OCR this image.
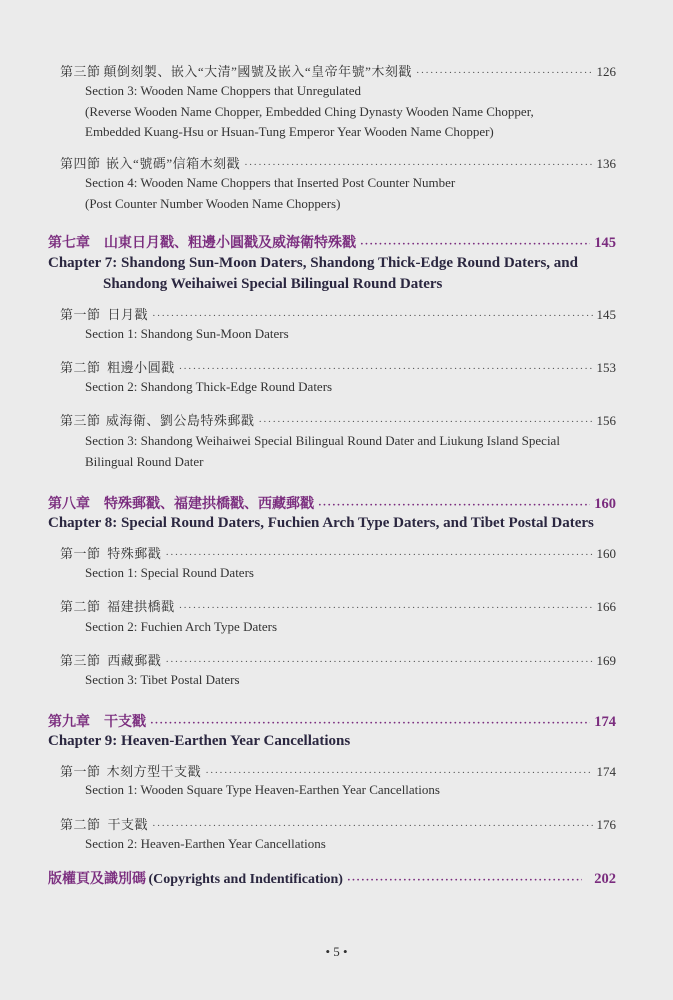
第三節 顛倒刻製、嵌入“大清”國號及嵌入“皇帝年號”木刻戳 ·····	126
Section 3: Wooden Name Choppers that Unregulated
(Reverse Wooden Name Chopper, Embedded Ching Dynasty Wooden Name Chopper,
Embedded Kuang-Hsu or Hsuan-Tung Emperor Year Wooden Name Chopper)
第四節 嵌入“號碼”信箱木刻戳 ·····	136
Section 4: Wooden Name Choppers that Inserted Post Counter Number
(Post Counter Number Wooden Name Choppers)
第七章　山東日月戳、粗邊小圓戳及威海衛特殊戳 ·····	145
Chapter 7: Shandong Sun-Moon Daters, Shandong Thick-Edge Round Daters, and
Shandong Weihaiwei Special Bilingual Round Daters
第一節 日月戳 ·····	145
Section 1: Shandong Sun-Moon Daters
第二節 粗邊小圓戳 ·····	153
Section 2: Shandong Thick-Edge Round Daters
第三節 威海衛、劉公島特殊郵戳 ·····	156
Section 3: Shandong Weihaiwei Special Bilingual Round Dater and Liukung Island Special
Bilingual Round Dater
第八章　特殊郵戳、福建拱橋戳、西藏郵戳 ·····	160
Chapter 8: Special Round Daters, Fuchien Arch Type Daters, and Tibet Postal Daters
第一節 特殊郵戳 ·····	160
Section 1: Special Round Daters
第二節 福建拱橋戳 ·····	166
Section 2: Fuchien Arch Type Daters
第三節 西藏郵戳 ·····	169
Section 3: Tibet Postal Daters
第九章　干支戳 ·····	174
Chapter 9: Heaven-Earthen Year Cancellations
第一節 木刻方型干支戳 ·····	174
Section 1: Wooden Square Type Heaven-Earthen Year Cancellations
第二節 干支戳 ·····	176
Section 2: Heaven-Earthen Year Cancellations
版權頁及識別碼 (Copyrights and Indentification) ·····	202
• 5 •
